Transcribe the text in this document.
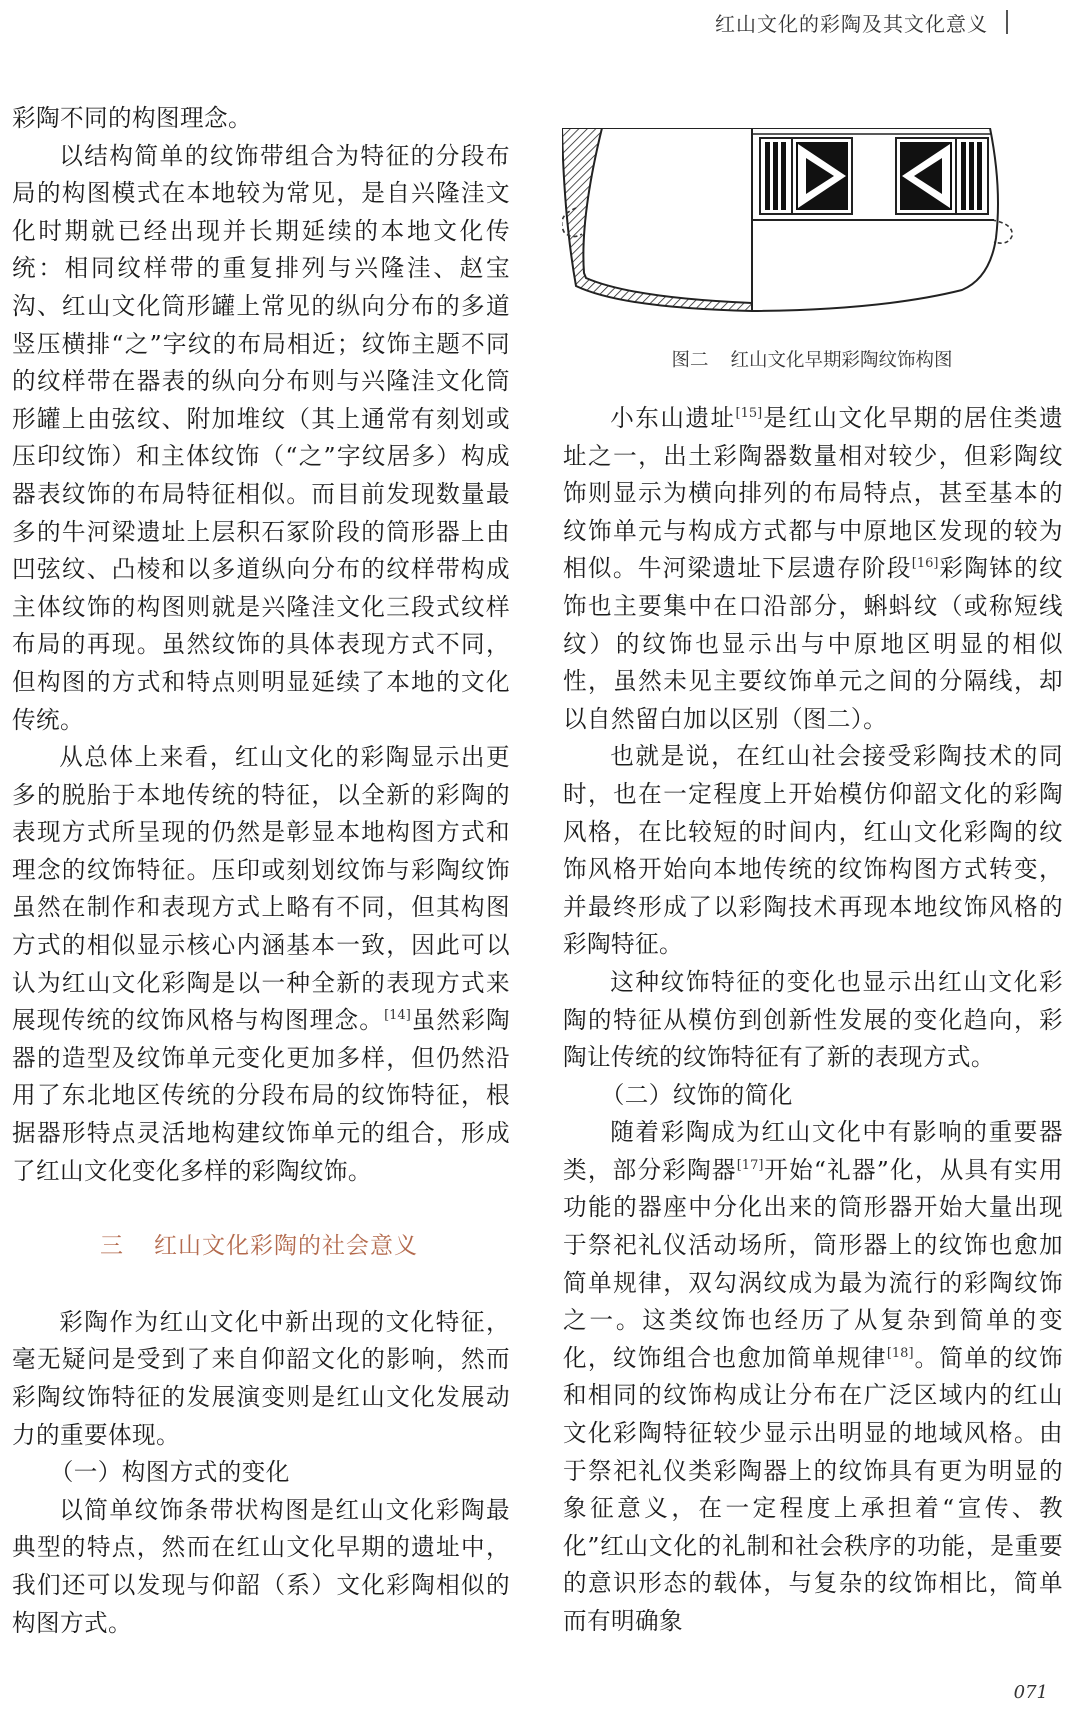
红山文化的彩陶及其文化意义

彩陶不同的构图理念。

以结构简单的纹饰带组合为特征的分段布局的构图模式在本地较为常见，是自兴隆洼文化时期就已经出现并长期延续的本地文化传统：相同纹样带的重复排列与兴隆洼、赵宝沟、红山文化筒形罐上常见的纵向分布的多道竖压横排“之”字纹的布局相近；纹饰主题不同的纹样带在器表的纵向分布则与兴隆洼文化筒形罐上由弦纹、附加堆纹（其上通常有刻划或压印纹饰）和主体纹饰（“之”字纹居多）构成器表纹饰的布局特征相似。而目前发现数量最多的牛河梁遗址上层积石冢阶段的筒形器上由凹弦纹、凸棱和以多道纵向分布的纹样带构成主体纹饰的构图则就是兴隆洼文化三段式纹样布局的再现。虽然纹饰的具体表现方式不同，但构图的方式和特点则明显延续了本地的文化传统。

从总体上来看，红山文化的彩陶显示出更多的脱胎于本地传统的特征，以全新的彩陶的表现方式所呈现的仍然是彰显本地构图方式和理念的纹饰特征。压印或刻划纹饰与彩陶纹饰虽然在制作和表现方式上略有不同，但其构图方式的相似显示核心内涵基本一致，因此可以认为红山文化彩陶是以一种全新的表现方式来展现传统的纹饰风格与构图理念。[14]虽然彩陶器的造型及纹饰单元变化更加多样，但仍然沿用了东北地区传统的分段布局的纹饰特征，根据器形特点灵活地构建纹饰单元的组合，形成了红山文化变化多样的彩陶纹饰。

三 红山文化彩陶的社会意义

彩陶作为红山文化中新出现的文化特征，毫无疑问是受到了来自仰韶文化的影响，然而彩陶纹饰特征的发展演变则是红山文化发展动力的重要体现。

（一）构图方式的变化

以简单纹饰条带状构图是红山文化彩陶最典型的特点，然而在红山文化早期的遗址中，我们还可以发现与仰韶（系）文化彩陶相似的构图方式。

图二 红山文化早期彩陶纹饰构图

小东山遗址[15]是红山文化早期的居住类遗址之一，出土彩陶器数量相对较少，但彩陶纹饰则显示为横向排列的布局特点，甚至基本的纹饰单元与构成方式都与中原地区发现的较为相似。牛河梁遗址下层遗存阶段[16]彩陶钵的纹饰也主要集中在口沿部分，蝌蚪纹（或称短线纹）的纹饰也显示出与中原地区明显的相似性，虽然未见主要纹饰单元之间的分隔线，却以自然留白加以区别（图二）。

也就是说，在红山社会接受彩陶技术的同时，也在一定程度上开始模仿仰韶文化的彩陶风格，在比较短的时间内，红山文化彩陶的纹饰风格开始向本地传统的纹饰构图方式转变，并最终形成了以彩陶技术再现本地纹饰风格的彩陶特征。

这种纹饰特征的变化也显示出红山文化彩陶的特征从模仿到创新性发展的变化趋向，彩陶让传统的纹饰特征有了新的表现方式。

（二）纹饰的简化

随着彩陶成为红山文化中有影响的重要器类，部分彩陶器[17]开始“礼器”化，从具有实用功能的器座中分化出来的筒形器开始大量出现于祭祀礼仪活动场所，筒形器上的纹饰也愈加简单规律，双勾涡纹成为最为流行的彩陶纹饰之一。这类纹饰也经历了从复杂到简单的变化，纹饰组合也愈加简单规律[18]。简单的纹饰和相同的纹饰构成让分布在广泛区域内的红山文化彩陶特征较少显示出明显的地域风格。由于祭祀礼仪类彩陶器上的纹饰具有更为明显的象征意义，在一定程度上承担着“宣传、教化”红山文化的礼制和社会秩序的功能，是重要的意识形态的载体，与复杂的纹饰相比，简单而有明确象

071
